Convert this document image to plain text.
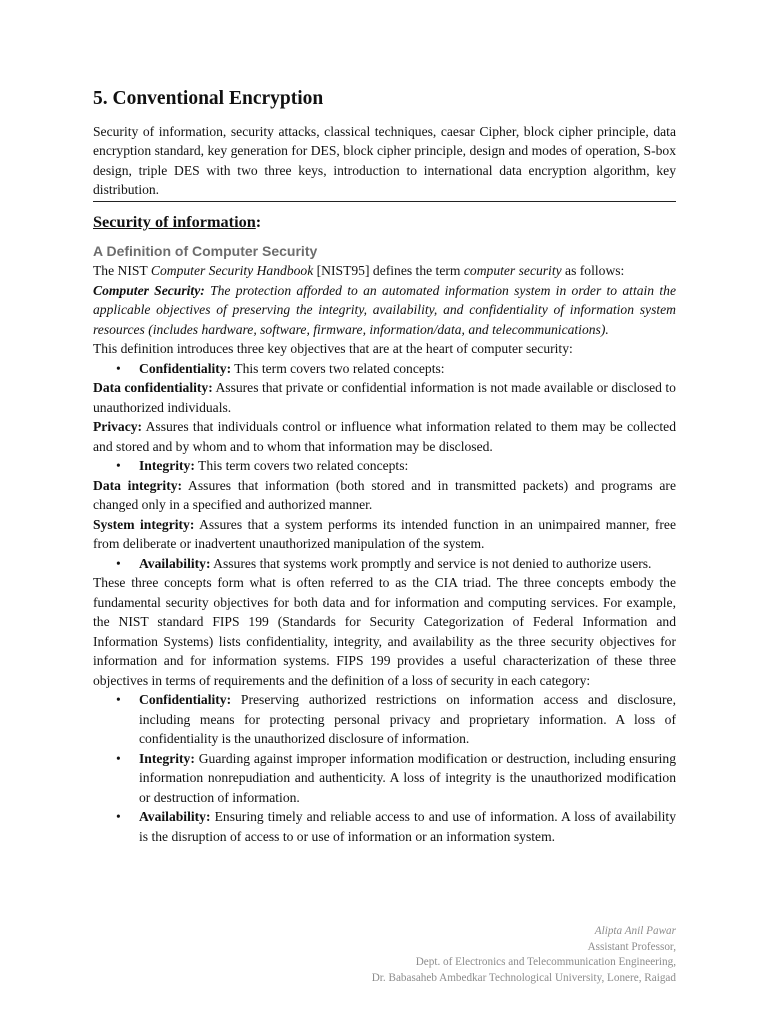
5. Conventional Encryption

Security of information, security attacks, classical techniques, caesar Cipher, block cipher principle, data encryption standard, key generation for DES, block cipher principle, design and modes of operation, S-box design, triple DES with two three keys, introduction to international data encryption algorithm, key distribution.

Security of information:
A Definition of Computer Security

The NIST Computer Security Handbook [NIST95] defines the term computer security as follows:

Computer Security: The protection afforded to an automated information system in order to attain the applicable objectives of preserving the integrity, availability, and confidentiality of information system resources (includes hardware, software, firmware, information/data, and telecommunications).

This definition introduces three key objectives that are at the heart of computer security:

• Confidentiality: This term covers two related concepts:

Data confidentiality: Assures that private or confidential information is not made available or disclosed to unauthorized individuals.

Privacy: Assures that individuals control or influence what information related to them may be collected and stored and by whom and to whom that information may be disclosed.

• Integrity: This term covers two related concepts:

Data integrity: Assures that information (both stored and in transmitted packets) and programs are changed only in a specified and authorized manner.

System integrity: Assures that a system performs its intended function in an unimpaired manner, free from deliberate or inadvertent unauthorized manipulation of the system.

• Availability: Assures that systems work promptly and service is not denied to authorize users.

These three concepts form what is often referred to as the CIA triad. The three concepts embody the fundamental security objectives for both data and for information and computing services. For example, the NIST standard FIPS 199 (Standards for Security Categorization of Federal Information and Information Systems) lists confidentiality, integrity, and availability as the three security objectives for information and for information systems. FIPS 199 provides a useful characterization of these three objectives in terms of requirements and the definition of a loss of security in each category:

• Confidentiality: Preserving authorized restrictions on information access and disclosure, including means for protecting personal privacy and proprietary information. A loss of confidentiality is the unauthorized disclosure of information.
• Integrity: Guarding against improper information modification or destruction, including ensuring information nonrepudiation and authenticity. A loss of integrity is the unauthorized modification or destruction of information.
• Availability: Ensuring timely and reliable access to and use of information. A loss of availability is the disruption of access to or use of information or an information system.
Alipta Anil Pawar
Assistant Professor,
Dept. of Electronics and Telecommunication Engineering,
Dr. Babasaheb Ambedkar Technological University, Lonere, Raigad
